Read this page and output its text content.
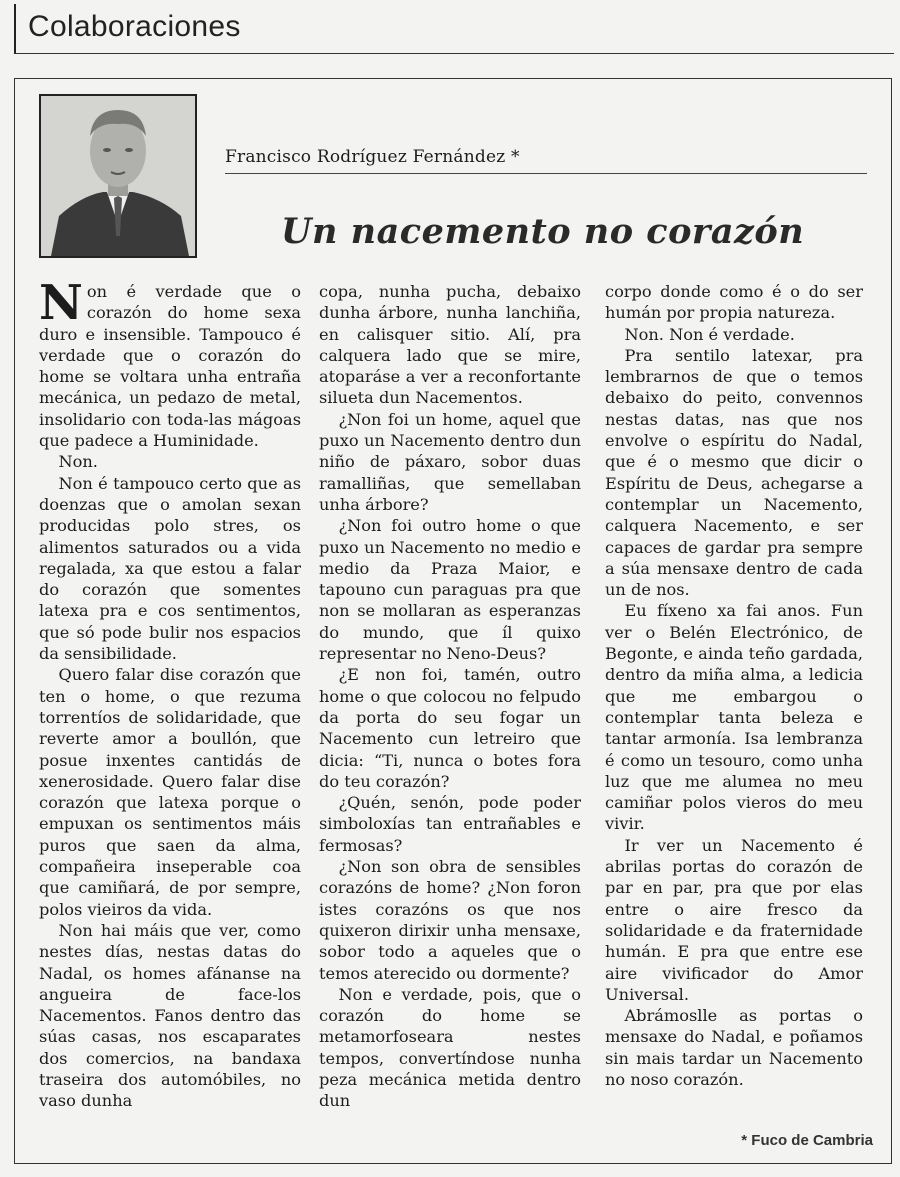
Colaboraciones
Francisco Rodríguez Fernández *
Un nacemento no corazón

Non é verdade que o corazón do home sexa duro e insensible. Tampouco é verdade que o corazón do home se voltara unha entraña mecánica, un pedazo de metal, insolidario con toda-las mágoas que padece a Huminidade.

Non.

Non é tampouco certo que as doenzas que o amolan sexan producidas polo stres, os alimentos saturados ou a vida regalada, xa que estou a falar do corazón que somentes latexa pra e cos sentimentos, que só pode bulir nos espacios da sensibilidade.

Quero falar dise corazón que ten o home, o que rezuma torrentíos de solidaridade, que reverte amor a boullón, que posue inxentes cantidás de xenerosidade. Quero falar dise corazón que latexa porque o empuxan os sentimentos máis puros que saen da alma, compañeira inseperable coa que camiñará, de por sempre, polos vieiros da vida.

Non hai máis que ver, como nestes días, nestas datas do Nadal, os homes afánanse na angueira de face-los Nacementos. Fanos dentro das súas casas, nos escaparates dos comercios, na bandaxa traseira dos automóbiles, no vaso dunha

copa, nunha pucha, debaixo dunha árbore, nunha lanchiña, en calisquer sitio. Alí, pra calquera lado que se mire, atoparáse a ver a reconfortante silueta dun Nacementos.

¿Non foi un home, aquel que puxo un Nacemento dentro dun niño de páxaro, sobor duas ramalliñas, que semellaban unha árbore?

¿Non foi outro home o que puxo un Nacemento no medio e medio da Praza Maior, e tapouno cun paraguas pra que non se mollaran as esperanzas do mundo, que íl quixo representar no Neno-Deus?

¿E non foi, tamén, outro home o que colocou no felpudo da porta do seu fogar un Nacemento cun letreiro que dicia: “Ti, nunca o botes fora do teu corazón?

¿Quén, senón, pode poder simboloxías tan entrañables e fermosas?

¿Non son obra de sensibles corazóns de home? ¿Non foron istes corazóns os que nos quixeron dirixir unha mensaxe, sobor todo a aqueles que o temos aterecido ou dormente?

Non e verdade, pois, que o corazón do home se metamorfoseara nestes tempos, convertíndose nunha peza mecánica metida dentro dun

corpo donde como é o do ser humán por propia natureza.

Non. Non é verdade.

Pra sentilo latexar, pra lembrarnos de que o temos debaixo do peito, convennos nestas datas, nas que nos envolve o espíritu do Nadal, que é o mesmo que dicir o Espíritu de Deus, achegarse a contemplar un Nacemento, calquera Nacemento, e ser capaces de gardar pra sempre a súa mensaxe dentro de cada un de nos.

Eu fíxeno xa fai anos. Fun ver o Belén Electrónico, de Begonte, e ainda teño gardada, dentro da miña alma, a ledicia que me embargou o contemplar tanta beleza e tantar armonía. Isa lembranza é como un tesouro, como unha luz que me alumea no meu camiñar polos vieros do meu vivir.

Ir ver un Nacemento é abrilas portas do corazón de par en par, pra que por elas entre o aire fresco da solidaridade e da fraternidade humán. E pra que entre ese aire vivificador do Amor Universal.

Abrámoslle as portas o mensaxe do Nadal, e poñamos sin mais tardar un Nacemento no noso corazón.

* Fuco de Cambria
